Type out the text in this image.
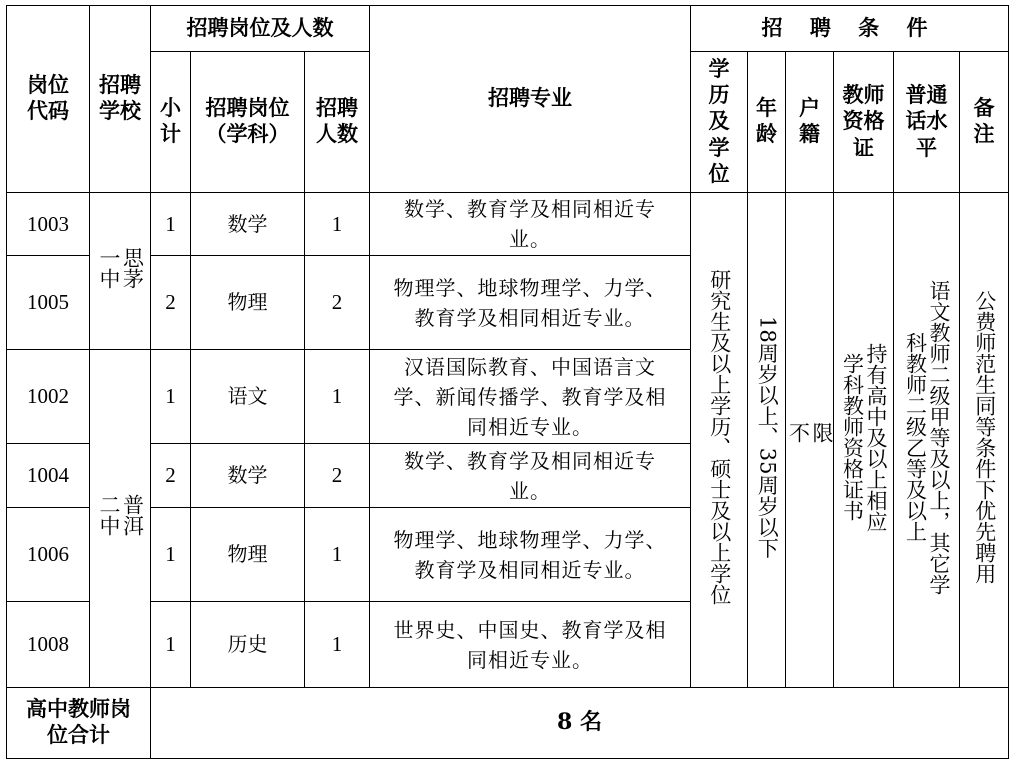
岗位代码	招聘学校	招聘岗位及人数			招聘专业	招 聘 条 件					
		小计	招聘岗位（学科）	招聘人数		学历及学位	年龄	户籍	教师资格证	普通话水平	备注
1003	思茅一中	1	数学	1	数学、教育学及相同相近专业。	研究生及以上学历、硕士及以上学位	18周岁以上、35周岁以下	不限	持有高中及以上相应学科教师资格证书	语文教师二级甲等及以上，其它学科教师二级乙等及以上	公费师范生同等条件下优先聘用
1005		2	物理	2	物理学、地球物理学、力学、教育学及相同相近专业。						
1002	普洱二中	1	语文	1	汉语国际教育、中国语言文学、新闻传播学、教育学及相同相近专业。						
1004		2	数学	2	数学、教育学及相同相近专业。						
1006		1	物理	1	物理学、地球物理学、力学、教育学及相同相近专业。						
1008		1	历史	1	世界史、中国史、教育学及相同相近专业。						
高中教师岗位合计		8 名									
